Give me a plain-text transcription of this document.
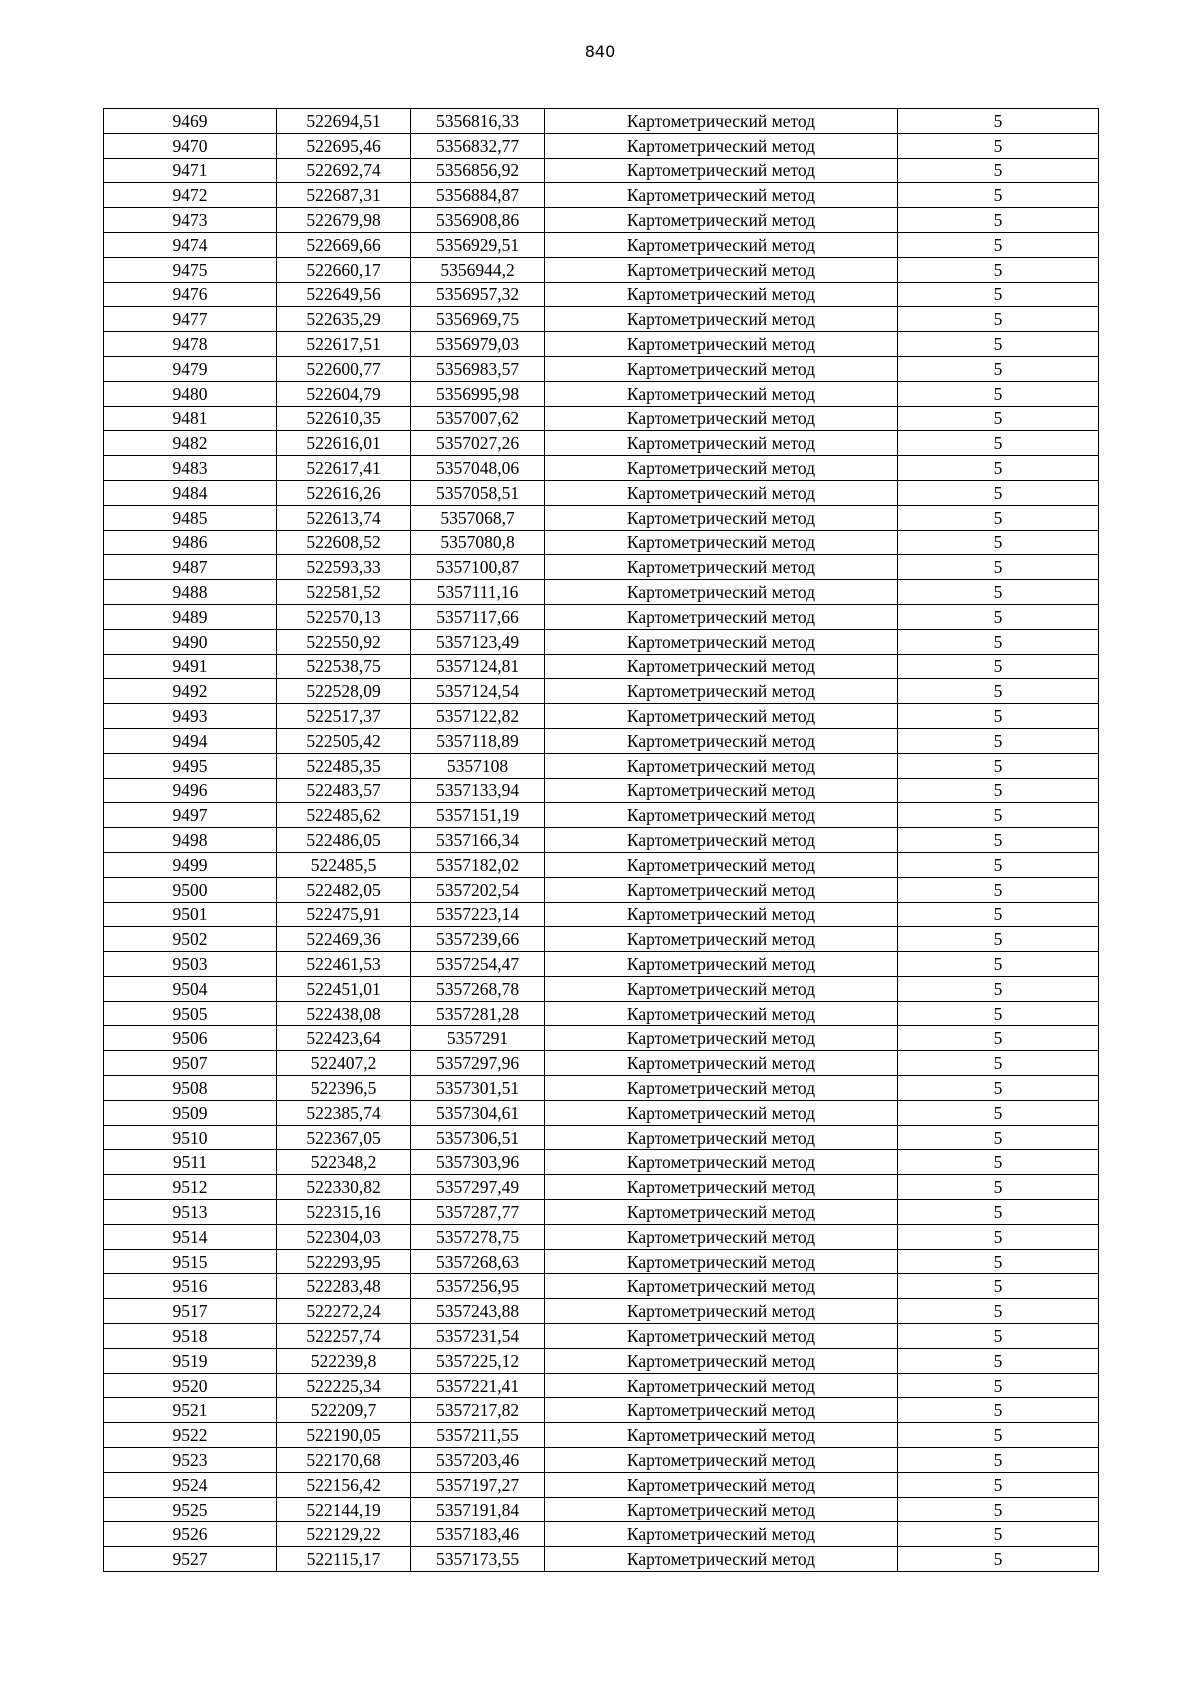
840
9469	522694,51	5356816,33	Картометрический метод	5
9470	522695,46	5356832,77	Картометрический метод	5
9471	522692,74	5356856,92	Картометрический метод	5
9472	522687,31	5356884,87	Картометрический метод	5
9473	522679,98	5356908,86	Картометрический метод	5
9474	522669,66	5356929,51	Картометрический метод	5
9475	522660,17	5356944,2	Картометрический метод	5
9476	522649,56	5356957,32	Картометрический метод	5
9477	522635,29	5356969,75	Картометрический метод	5
9478	522617,51	5356979,03	Картометрический метод	5
9479	522600,77	5356983,57	Картометрический метод	5
9480	522604,79	5356995,98	Картометрический метод	5
9481	522610,35	5357007,62	Картометрический метод	5
9482	522616,01	5357027,26	Картометрический метод	5
9483	522617,41	5357048,06	Картометрический метод	5
9484	522616,26	5357058,51	Картометрический метод	5
9485	522613,74	5357068,7	Картометрический метод	5
9486	522608,52	5357080,8	Картометрический метод	5
9487	522593,33	5357100,87	Картометрический метод	5
9488	522581,52	5357111,16	Картометрический метод	5
9489	522570,13	5357117,66	Картометрический метод	5
9490	522550,92	5357123,49	Картометрический метод	5
9491	522538,75	5357124,81	Картометрический метод	5
9492	522528,09	5357124,54	Картометрический метод	5
9493	522517,37	5357122,82	Картометрический метод	5
9494	522505,42	5357118,89	Картометрический метод	5
9495	522485,35	5357108	Картометрический метод	5
9496	522483,57	5357133,94	Картометрический метод	5
9497	522485,62	5357151,19	Картометрический метод	5
9498	522486,05	5357166,34	Картометрический метод	5
9499	522485,5	5357182,02	Картометрический метод	5
9500	522482,05	5357202,54	Картометрический метод	5
9501	522475,91	5357223,14	Картометрический метод	5
9502	522469,36	5357239,66	Картометрический метод	5
9503	522461,53	5357254,47	Картометрический метод	5
9504	522451,01	5357268,78	Картометрический метод	5
9505	522438,08	5357281,28	Картометрический метод	5
9506	522423,64	5357291	Картометрический метод	5
9507	522407,2	5357297,96	Картометрический метод	5
9508	522396,5	5357301,51	Картометрический метод	5
9509	522385,74	5357304,61	Картометрический метод	5
9510	522367,05	5357306,51	Картометрический метод	5
9511	522348,2	5357303,96	Картометрический метод	5
9512	522330,82	5357297,49	Картометрический метод	5
9513	522315,16	5357287,77	Картометрический метод	5
9514	522304,03	5357278,75	Картометрический метод	5
9515	522293,95	5357268,63	Картометрический метод	5
9516	522283,48	5357256,95	Картометрический метод	5
9517	522272,24	5357243,88	Картометрический метод	5
9518	522257,74	5357231,54	Картометрический метод	5
9519	522239,8	5357225,12	Картометрический метод	5
9520	522225,34	5357221,41	Картометрический метод	5
9521	522209,7	5357217,82	Картометрический метод	5
9522	522190,05	5357211,55	Картометрический метод	5
9523	522170,68	5357203,46	Картометрический метод	5
9524	522156,42	5357197,27	Картометрический метод	5
9525	522144,19	5357191,84	Картометрический метод	5
9526	522129,22	5357183,46	Картометрический метод	5
9527	522115,17	5357173,55	Картометрический метод	5
